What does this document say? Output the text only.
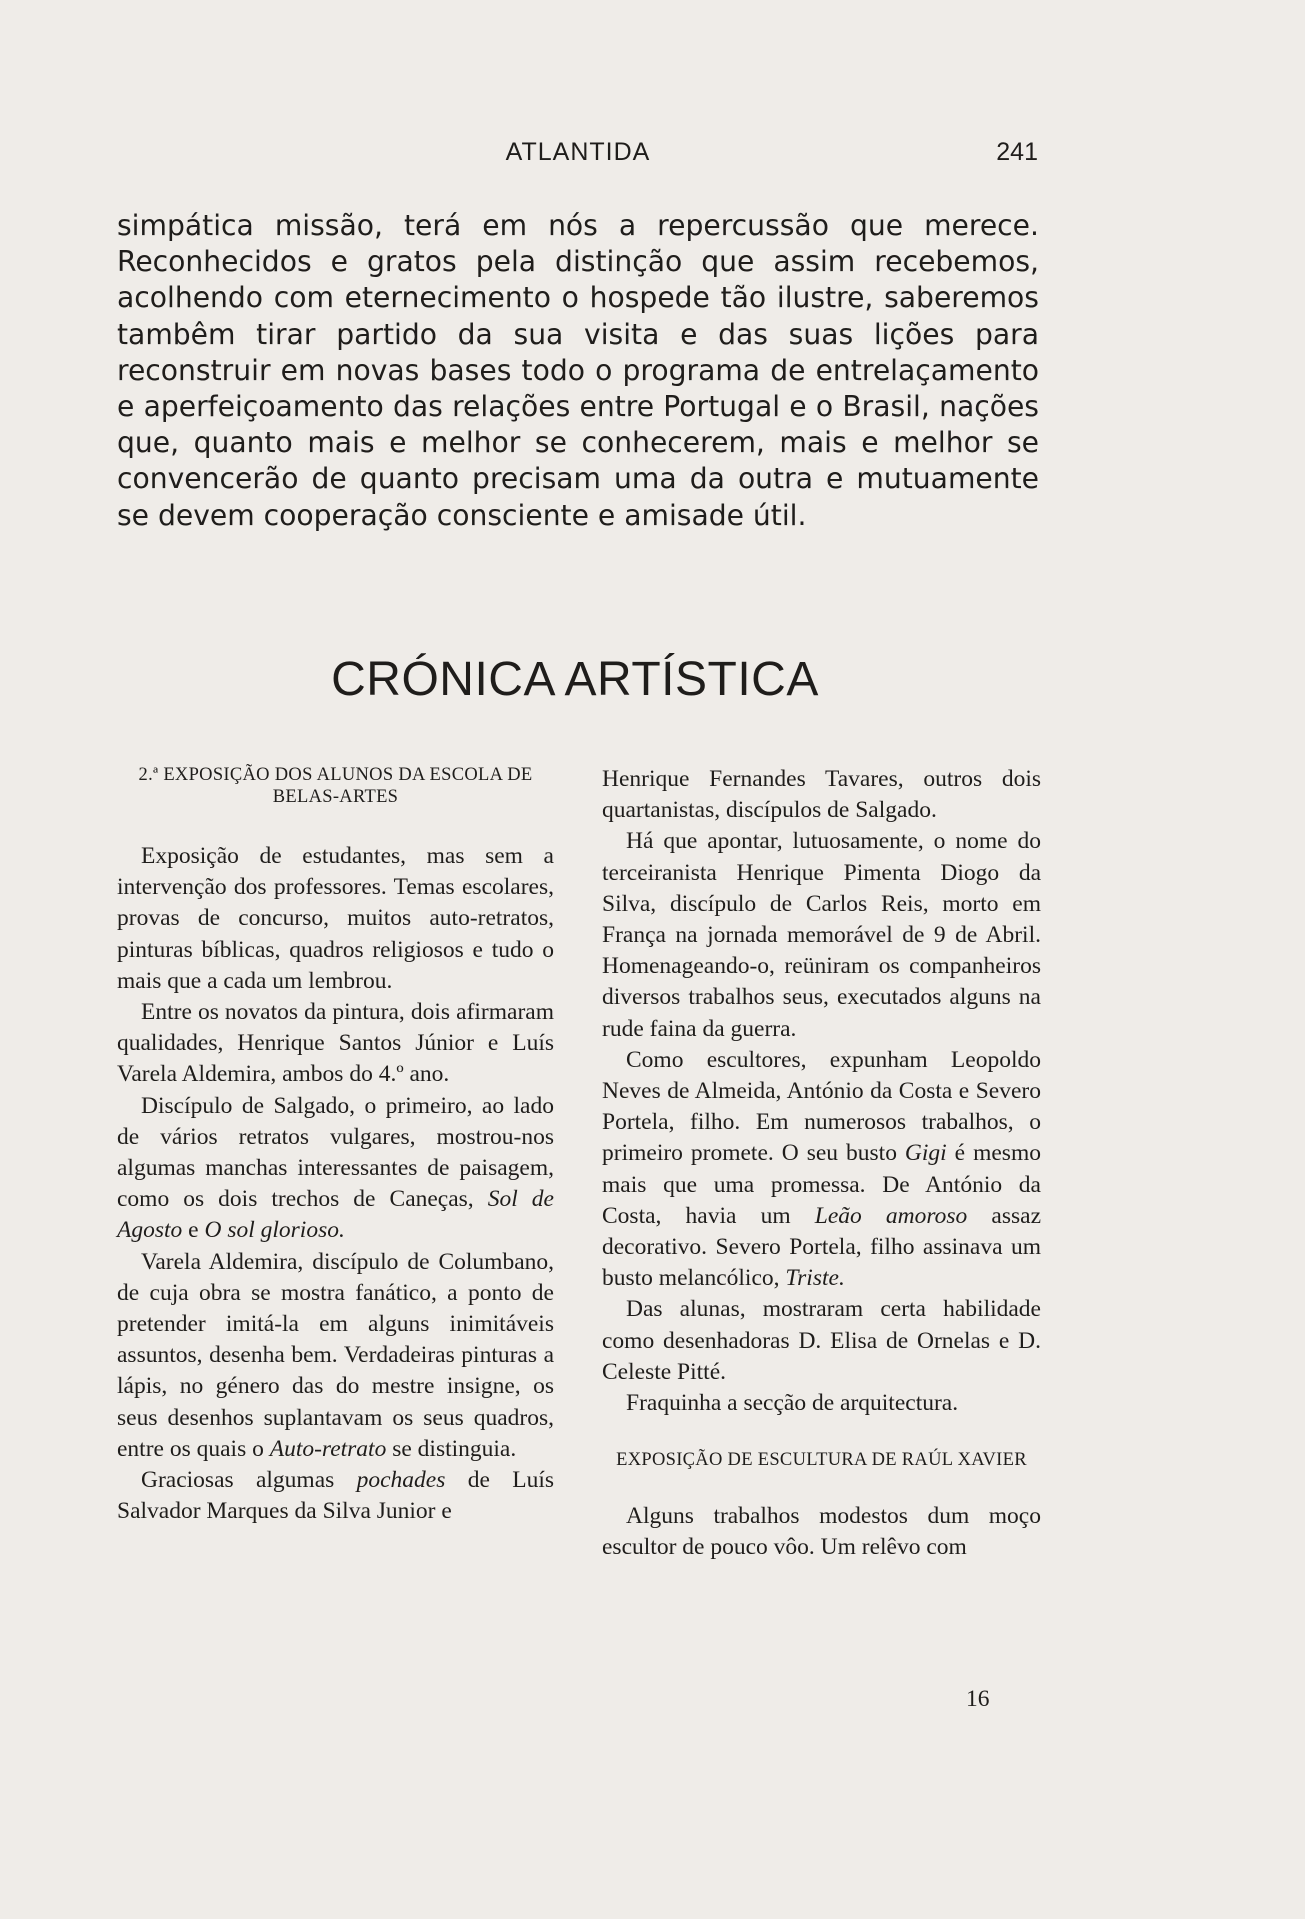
ATLANTIDA	241

simpática missão, terá em nós a repercussão que merece. Reconhecidos e gratos pela distinção que assim recebemos, acolhendo com eternecimento o hospede tão ilustre, saberemos tambêm tirar partido da sua visita e das suas lições para reconstruir em novas bases todo o programa de entrelaçamento e aperfeiçoamento das relações entre Portugal e o Brasil, nações que, quanto mais e melhor se conhecerem, mais e melhor se convencerão de quanto precisam uma da outra e mutuamente se devem cooperação consciente e amisade útil.

CRÓNICA ARTÍSTICA
2.ª EXPOSIÇÃO DOS ALUNOS DA ESCOLA DE BELAS-ARTES

Exposição de estudantes, mas sem a intervenção dos professores. Temas escolares, provas de concurso, muitos auto-retratos, pinturas bíblicas, quadros religiosos e tudo o mais que a cada um lembrou.

Entre os novatos da pintura, dois afirmaram qualidades, Henrique Santos Júnior e Luís Varela Aldemira, ambos do 4.º ano.

Discípulo de Salgado, o primeiro, ao lado de vários retratos vulgares, mostrou-nos algumas manchas interessantes de paisagem, como os dois trechos de Caneças, Sol de Agosto e O sol glorioso.

Varela Aldemira, discípulo de Columbano, de cuja obra se mostra fanático, a ponto de pretender imitá-la em alguns inimitáveis assuntos, desenha bem. Verdadeiras pinturas a lápis, no género das do mestre insigne, os seus desenhos suplantavam os seus quadros, entre os quais o Auto-retrato se distinguia.

Graciosas algumas pochades de Luís Salvador Marques da Silva Junior e

Henrique Fernandes Tavares, outros dois quartanistas, discípulos de Salgado.

Há que apontar, lutuosamente, o nome do terceiranista Henrique Pimenta Diogo da Silva, discípulo de Carlos Reis, morto em França na jornada memorável de 9 de Abril. Homenageando-o, reüniram os companheiros diversos trabalhos seus, executados alguns na rude faina da guerra.

Como escultores, expunham Leopoldo Neves de Almeida, António da Costa e Severo Portela, filho. Em numerosos trabalhos, o primeiro promete. O seu busto Gigi é mesmo mais que uma promessa. De António da Costa, havia um Leão amoroso assaz decorativo. Severo Portela, filho assinava um busto melancólico, Triste.

Das alunas, mostraram certa habilidade como desenhadoras D. Elisa de Ornelas e D. Celeste Pitté.

Fraquinha a secção de arquitectura.

EXPOSIÇÃO DE ESCULTURA DE RAÚL XAVIER

Alguns trabalhos modestos dum moço escultor de pouco vôo. Um relêvo com

16
